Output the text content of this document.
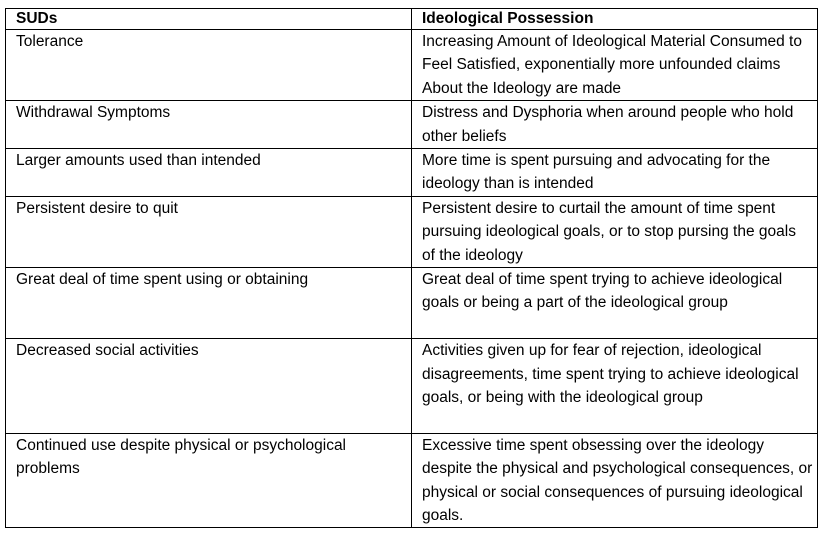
SUDs	Ideological Possession
Tolerance	Increasing Amount of Ideological Material Consumed to Feel Satisfied, exponentially more unfounded claims About the Ideology are made
Withdrawal Symptoms	Distress and Dysphoria when around people who hold other beliefs
Larger amounts used than intended	More time is spent pursuing and advocating for the ideology than is intended
Persistent desire to quit	Persistent desire to curtail the amount of time spent pursuing ideological goals, or to stop pursing the goals of the ideology
Great deal of time spent using or obtaining	Great deal of time spent trying to achieve ideological goals or being a part of the ideological group
Decreased social activities	Activities given up for fear of rejection, ideological disagreements, time spent trying to achieve ideological goals, or being with the ideological group
Continued use despite physical or psychological problems	Excessive time spent obsessing over the ideology despite the physical and psychological consequences, or physical or social consequences of pursuing ideological goals.
